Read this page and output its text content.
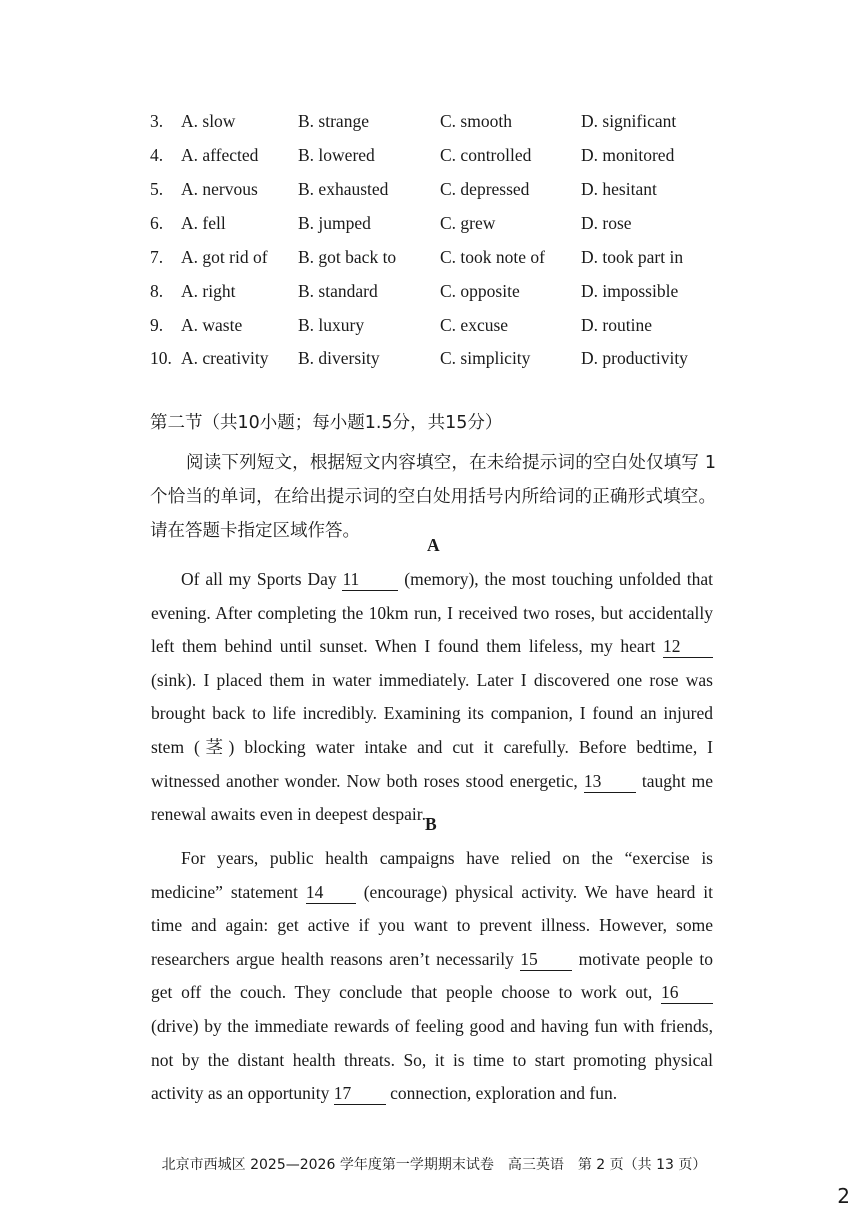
3. A. slow	B. strange	C. smooth	D. significant
4. A. affected B. lowered	C. controlled	D. monitored
5. A. nervous B. exhausted	C. depressed	D. hesitant
6. A. fell	B. jumped	C. grew	D. rose
7. A. got rid of B. got back to	C. took note of D. took part in
8. A. right	B. standard	C. opposite	D. impossible
9. A. waste	B. luxury	C. excuse	D. routine
10. A. creativity B. diversity	C. simplicity	D. productivity
第二节（共10小题；每小题1.5分，共15分）
阅读下列短文，根据短文内容填空，在未给提示词的空白处仅填写 1 个恰当的单词，在给出提示词的空白处用括号内所给词的正确形式填空。请在答题卡指定区域作答。
A

Of all my Sports Day 11 (memory), the most touching unfolded that evening. After completing the 10km run, I received two roses, but accidentally left them behind until sunset. When I found them lifeless, my heart 12 (sink). I placed them in water immediately. Later I discovered one rose was brought back to life incredibly. Examining its companion, I found an injured stem (茎) blocking water intake and cut it carefully. Before bedtime, I witnessed another wonder. Now both roses stood energetic, 13 taught me renewal awaits even in deepest despair.

B

For years, public health campaigns have relied on the “exercise is medicine” statement 14 (encourage) physical activity. We have heard it time and again: get active if you want to prevent illness. However, some researchers argue health reasons aren’t necessarily 15 motivate people to get off the couch. They conclude that people choose to work out, 16 (drive) by the immediate rewards of feeling good and having fun with friends, not by the distant health threats. So, it is time to start promoting physical activity as an opportunity 17 connection, exploration and fun.

北京市西城区 2025—2026 学年度第一学期期末试卷　高三英语　第 2 页（共 13 页）
2
